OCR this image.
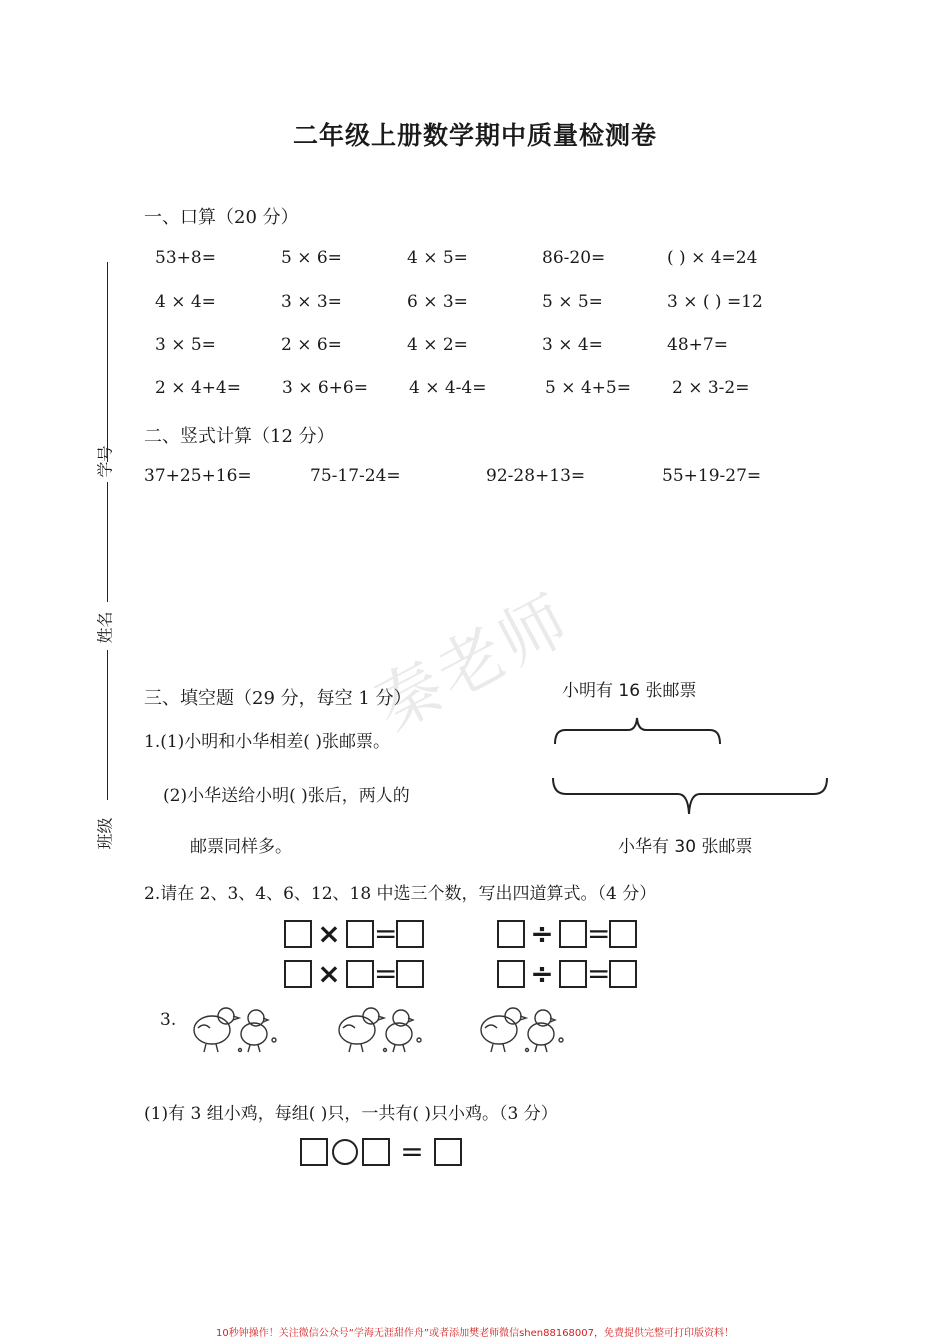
二年级上册数学期中质量检测卷
学号
姓名
班级
秦老师
一、口算（20 分）
53+8=	5 × 6=	4 × 5=	86-20=	( ) × 4=24
4 × 4=	3 × 3=	6 × 3=	5 × 5=	3 × ( ) =12
3 × 5=	2 × 6=	4 × 2=	3 × 4=	48+7=
2 × 4+4= 3 × 6+6= 4 × 4-4=	5 × 4+5= 2 × 3-2=
二、竖式计算（12 分）
37+25+16=	75-17-24=	92-28+13=	55+19-27=
三、填空题（29 分，每空 1 分）	小明有 16 张邮票
1.(1)小明和小华相差( )张邮票。
(2)小华送给小明( )张后，两人的
邮票同样多。	小华有 30 张邮票
2.请在 2、3、4、6、12、18 中选三个数，写出四道算式。（4 分）
× =	÷ =
× =	÷ =
3.
(1)有 3 组小鸡，每组( )只，一共有( )只小鸡。（3 分）
=
10秒钟操作！关注微信公众号“学海无涯甜作舟”或者添加樊老师微信shen88168007，免费提供完整可打印版资料！
